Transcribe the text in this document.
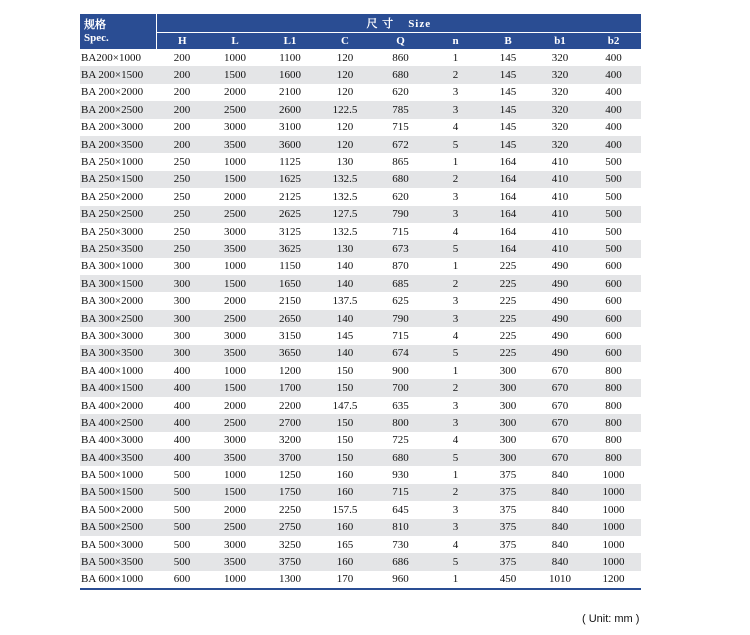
规格
Spec.	尺 寸 Size								
	H	L	L1	C	Q	n	B	b1	b2
BA200×1000	200	1000	1100	120	860	1	145	320	400
BA 200×1500	200	1500	1600	120	680	2	145	320	400
BA 200×2000	200	2000	2100	120	620	3	145	320	400
BA 200×2500	200	2500	2600	122.5	785	3	145	320	400
BA 200×3000	200	3000	3100	120	715	4	145	320	400
BA 200×3500	200	3500	3600	120	672	5	145	320	400
BA 250×1000	250	1000	1125	130	865	1	164	410	500
BA 250×1500	250	1500	1625	132.5	680	2	164	410	500
BA 250×2000	250	2000	2125	132.5	620	3	164	410	500
BA 250×2500	250	2500	2625	127.5	790	3	164	410	500
BA 250×3000	250	3000	3125	132.5	715	4	164	410	500
BA 250×3500	250	3500	3625	130	673	5	164	410	500
BA 300×1000	300	1000	1150	140	870	1	225	490	600
BA 300×1500	300	1500	1650	140	685	2	225	490	600
BA 300×2000	300	2000	2150	137.5	625	3	225	490	600
BA 300×2500	300	2500	2650	140	790	3	225	490	600
BA 300×3000	300	3000	3150	145	715	4	225	490	600
BA 300×3500	300	3500	3650	140	674	5	225	490	600
BA 400×1000	400	1000	1200	150	900	1	300	670	800
BA 400×1500	400	1500	1700	150	700	2	300	670	800
BA 400×2000	400	2000	2200	147.5	635	3	300	670	800
BA 400×2500	400	2500	2700	150	800	3	300	670	800
BA 400×3000	400	3000	3200	150	725	4	300	670	800
BA 400×3500	400	3500	3700	150	680	5	300	670	800
BA 500×1000	500	1000	1250	160	930	1	375	840	1000
BA 500×1500	500	1500	1750	160	715	2	375	840	1000
BA 500×2000	500	2000	2250	157.5	645	3	375	840	1000
BA 500×2500	500	2500	2750	160	810	3	375	840	1000
BA 500×3000	500	3000	3250	165	730	4	375	840	1000
BA 500×3500	500	3500	3750	160	686	5	375	840	1000
BA 600×1000	600	1000	1300	170	960	1	450	1010	1200
( Unit: mm )
